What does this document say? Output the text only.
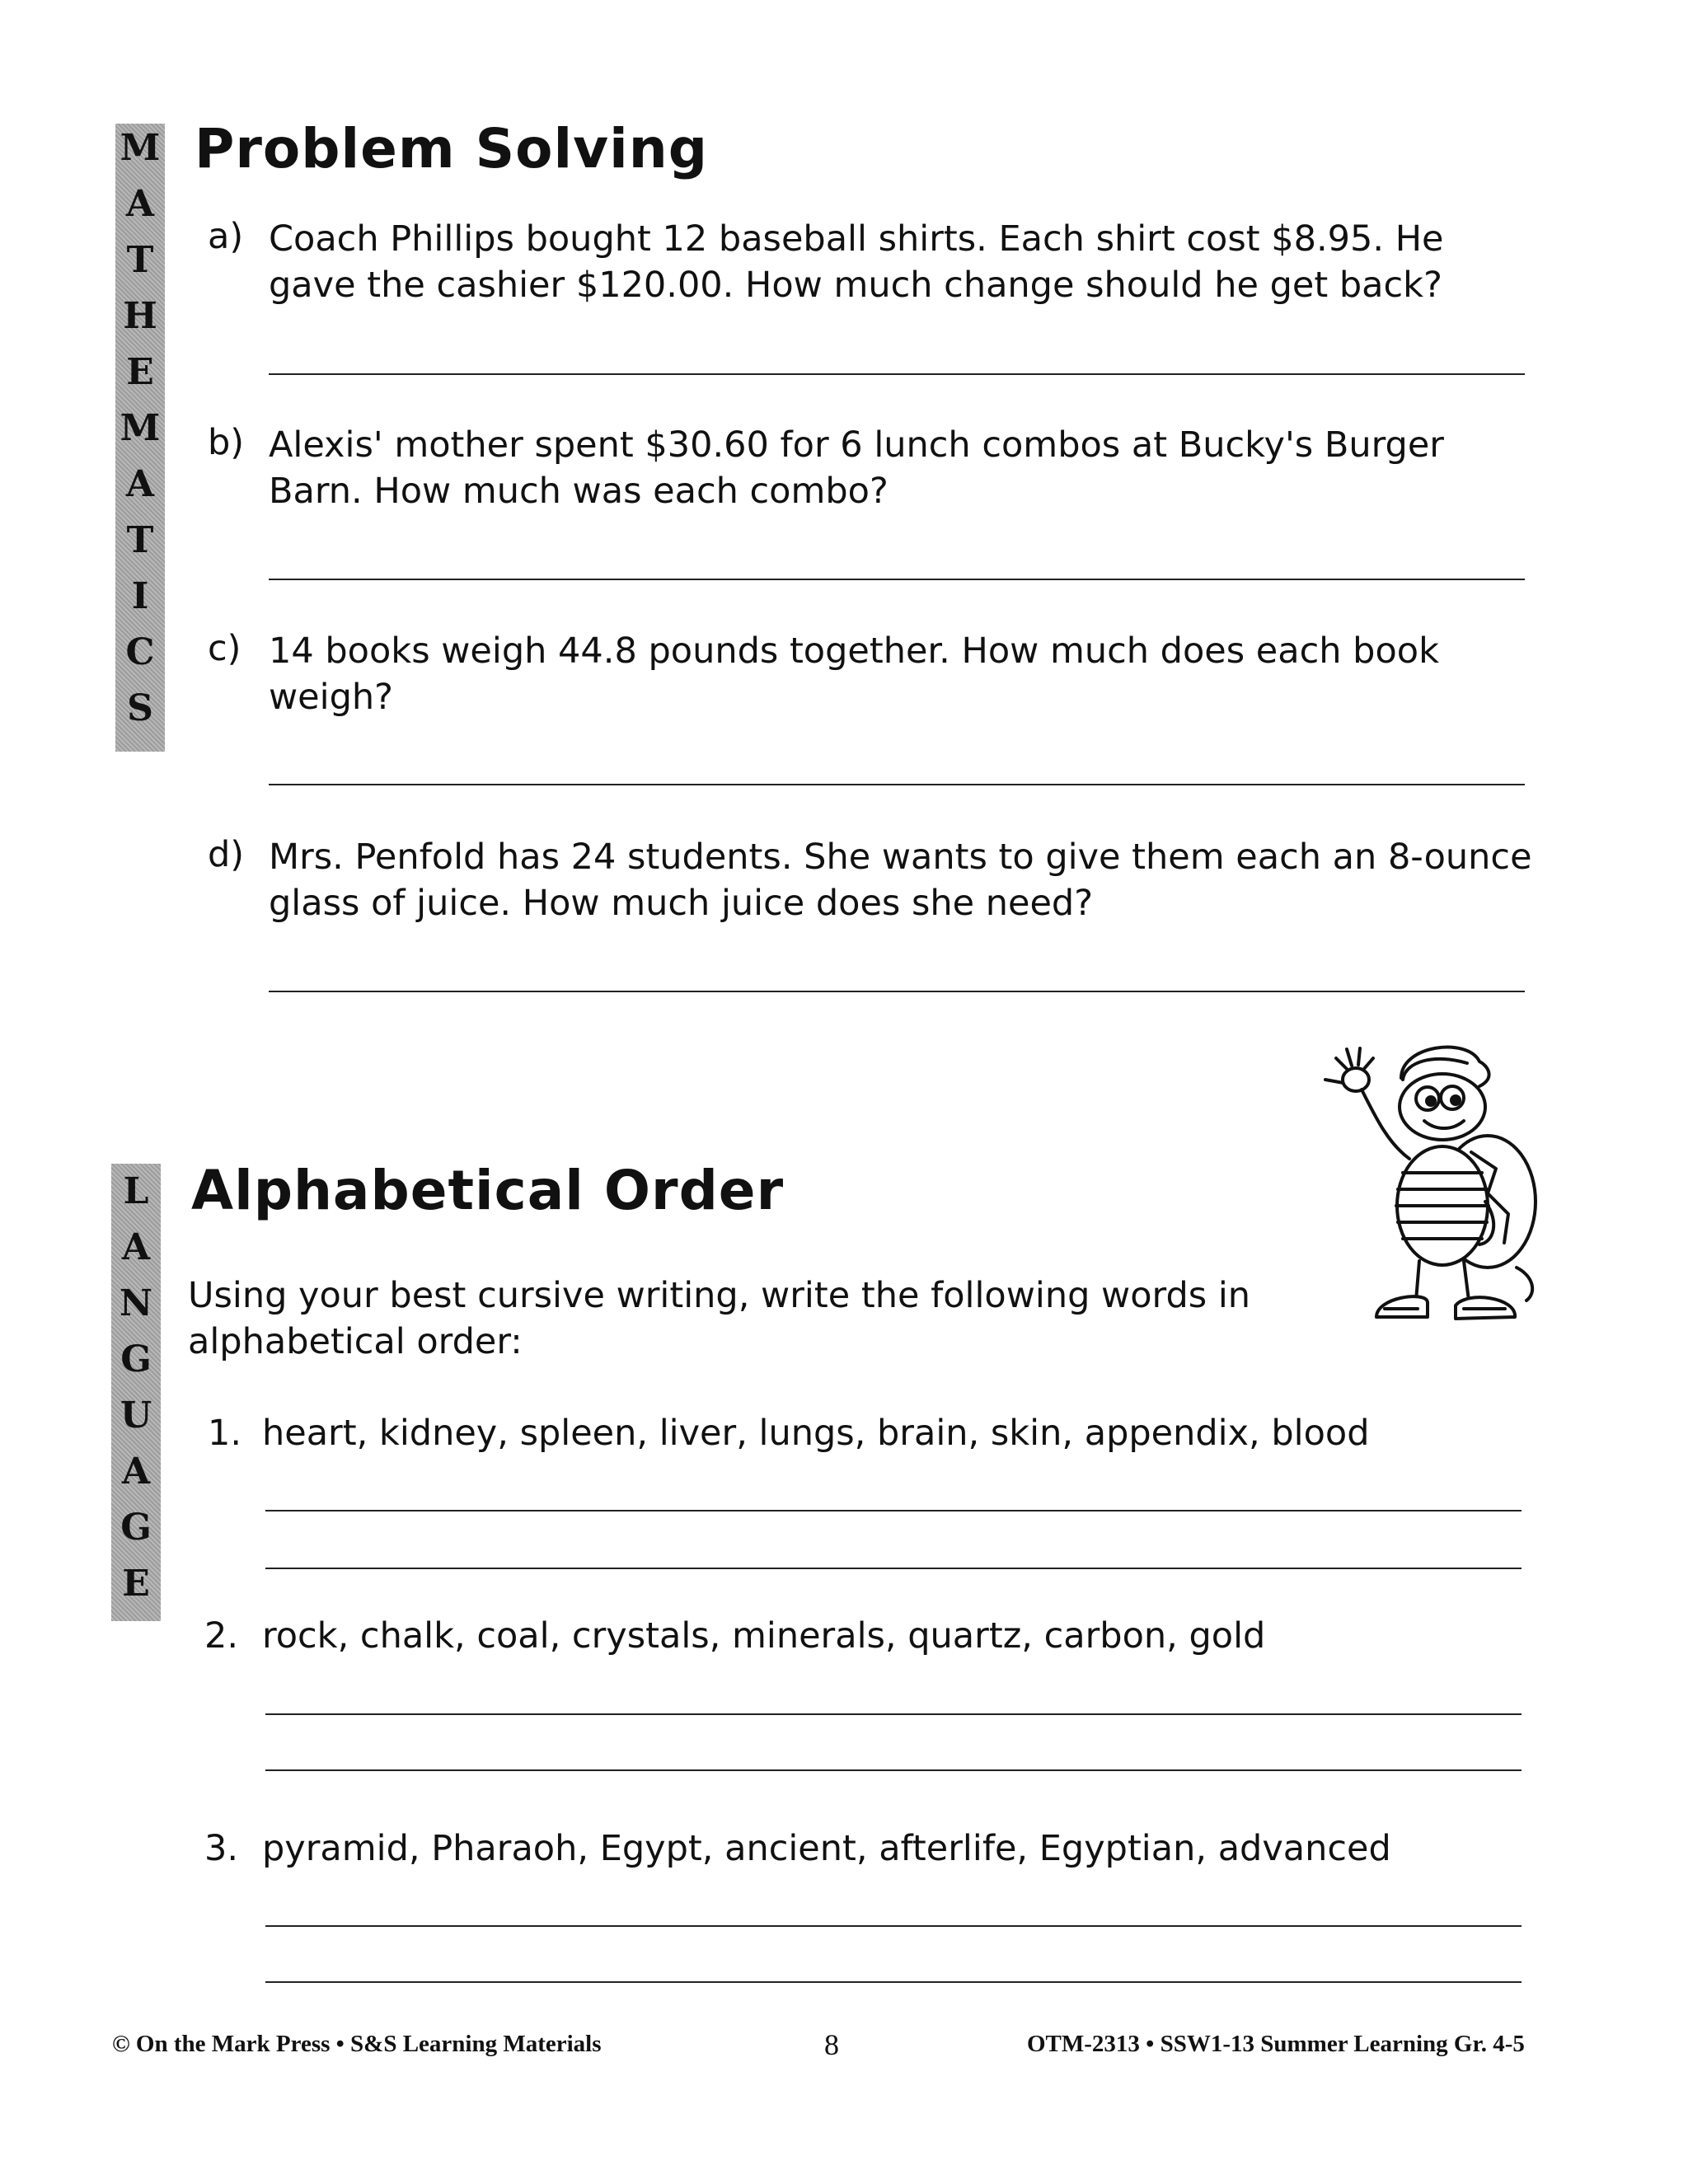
M
A
T
H
E
M
A
T
I
C
S
Problem Solving
a) Coach Phillips bought 12 baseball shirts. Each shirt cost $8.95. He gave the cashier $120.00. How much change should he get back?
b) Alexis' mother spent $30.60 for 6 lunch combos at Bucky's Burger Barn. How much was each combo?
c) 14 books weigh 44.8 pounds together. How much does each book weigh?
d) Mrs. Penfold has 24 students. She wants to give them each an 8-ounce glass of juice. How much juice does she need?
L
A
N
G
U
A
G
E
Alphabetical Order
Using your best cursive writing, write the following words in alphabetical order:
1. heart, kidney, spleen, liver, lungs, brain, skin, appendix, blood
2. rock, chalk, coal, crystals, minerals, quartz, carbon, gold
3. pyramid, Pharaoh, Egypt, ancient, afterlife, Egyptian, advanced
© On the Mark Press • S&S Learning Materials	8	OTM-2313 • SSW1-13 Summer Learning Gr. 4-5
